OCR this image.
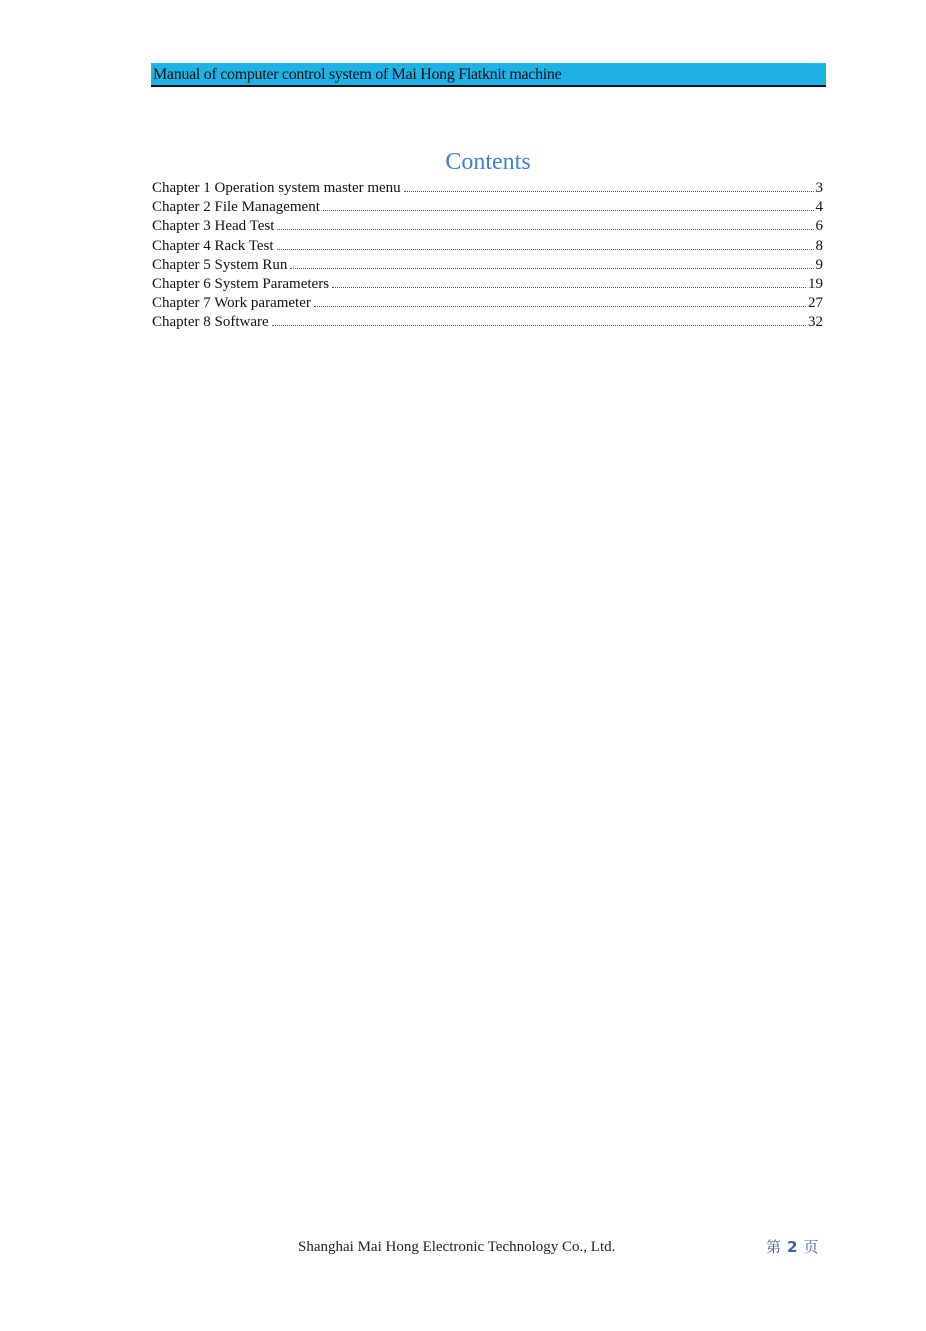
Manual of computer control system of Mai Hong Flatknit machine
Contents
Chapter 1 Operation system master menu	3
Chapter 2 File Management	4
Chapter 3 Head Test	6
Chapter 4 Rack Test	8
Chapter 5 System Run	9
Chapter 6 System Parameters	19
Chapter 7 Work parameter	27
Chapter 8 Software	32
Shanghai Mai Hong Electronic Technology Co., Ltd.	第 2 页
